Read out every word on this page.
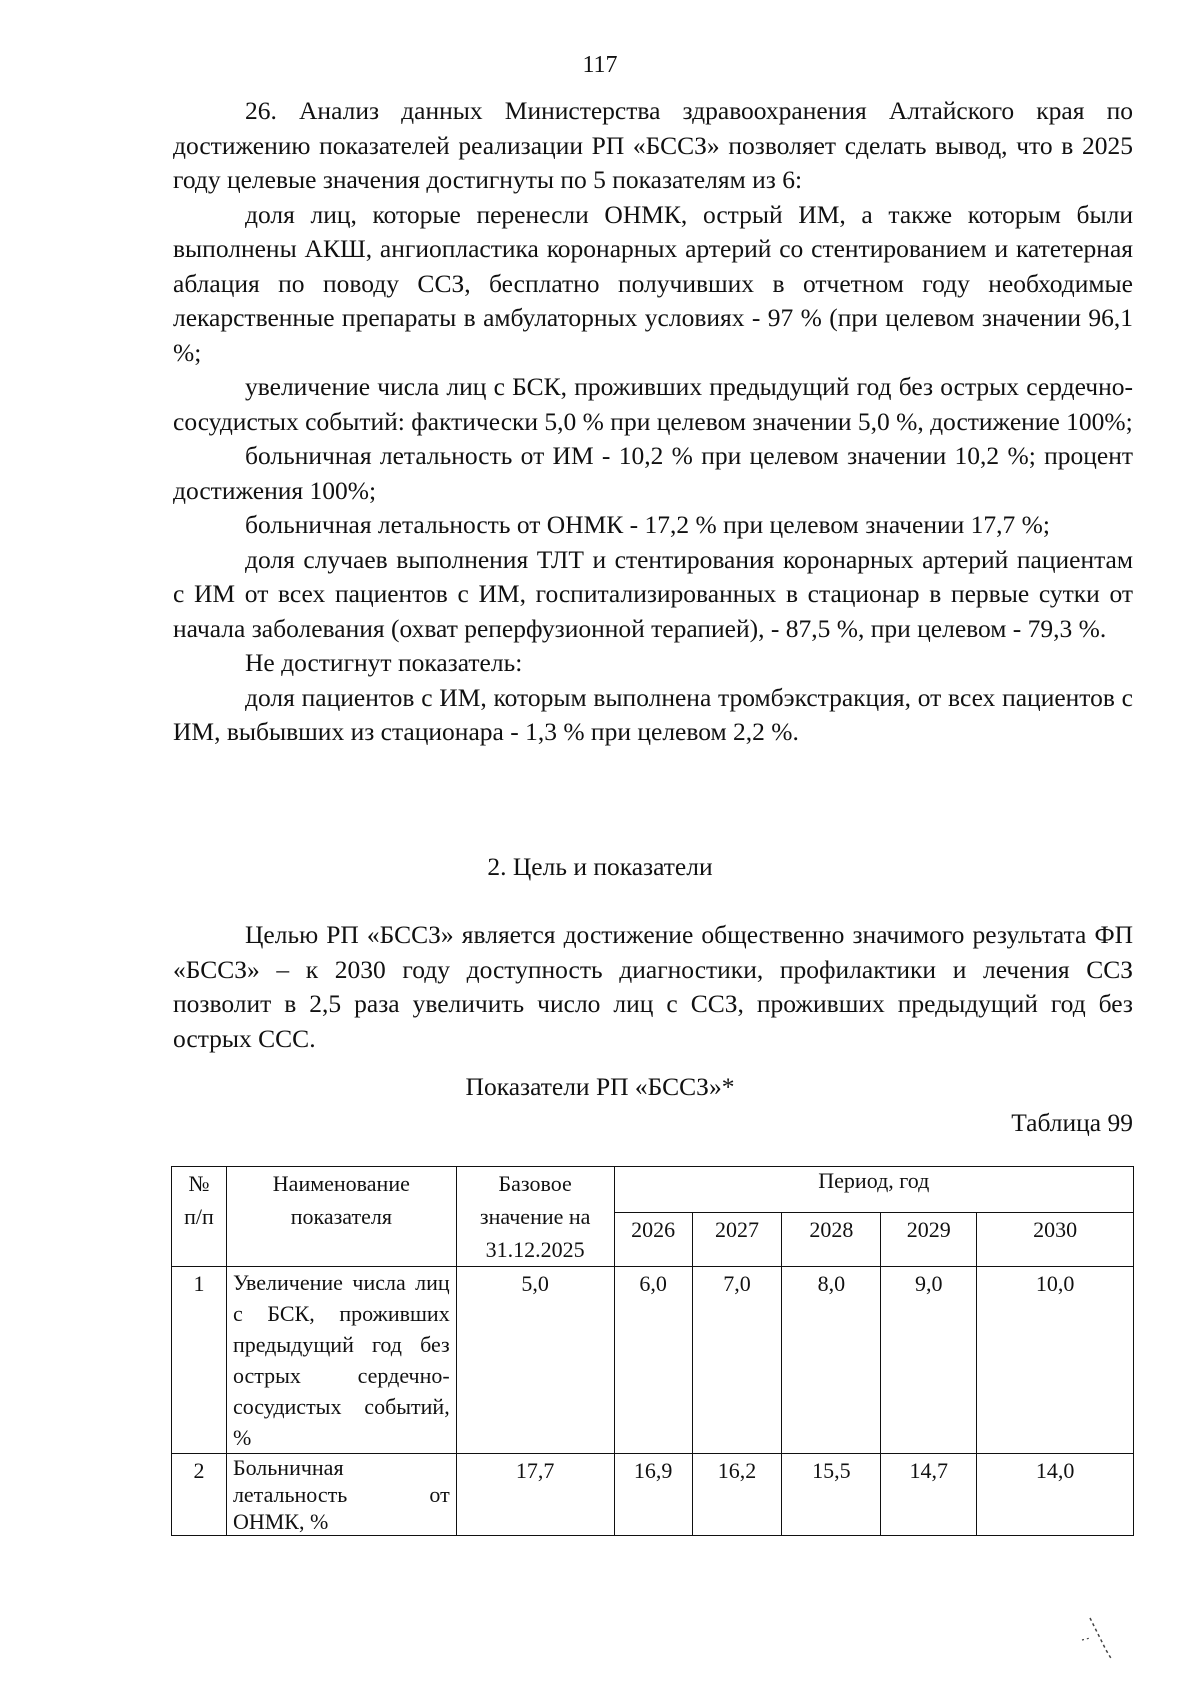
117

26. Анализ данных Министерства здравоохранения Алтайского края по достижению показателей реализации РП «БССЗ» позволяет сделать вывод, что в 2025 году целевые значения достигнуты по 5 показателям из 6:

доля лиц, которые перенесли ОНМК, острый ИМ, а также которым были выполнены АКШ, ангиопластика коронарных артерий со стентированием и катетерная аблация по поводу ССЗ, бесплатно получивших в отчетном году необходимые лекарственные препараты в амбулаторных условиях - 97 % (при целевом значении 96,1 %;

увеличение числа лиц с БСК, проживших предыдущий год без острых сердечно-сосудистых событий: фактически 5,0 % при целевом значении 5,0 %, достижение 100%;

больничная летальность от ИМ - 10,2 % при целевом значении 10,2 %; процент достижения 100%;

больничная летальность от ОНМК - 17,2 % при целевом значении 17,7 %;

доля случаев выполнения ТЛТ и стентирования коронарных артерий пациентам с ИМ от всех пациентов с ИМ, госпитализированных в стационар в первые сутки от начала заболевания (охват реперфузионной терапией), - 87,5 %, при целевом - 79,3 %.

Не достигнут показатель:

доля пациентов с ИМ, которым выполнена тромбэкстракция, от всех пациентов с ИМ, выбывших из стационара - 1,3 % при целевом 2,2 %.

2. Цель и показатели

Целью РП «БССЗ» является достижение общественно значимого результата ФП «БССЗ» – к 2030 году доступность диагностики, профилактики и лечения ССЗ позволит в 2,5 раза увеличить число лиц с ССЗ, проживших предыдущий год без острых ССС.

Показатели РП «БССЗ»*
Таблица 99
№ п/п	Наименование показателя	Базовое значение на 31.12.2025	Период, год				
			2026	2027	2028	2029	2030
1	Увеличение числа лиц с БСК, проживших предыдущий год без острых сердечно-сосудистых событий, %	5,0	6,0	7,0	8,0	9,0	10,0
2	Больничная летальность от ОНМК, %	17,7	16,9	16,2	15,5	14,7	14,0
